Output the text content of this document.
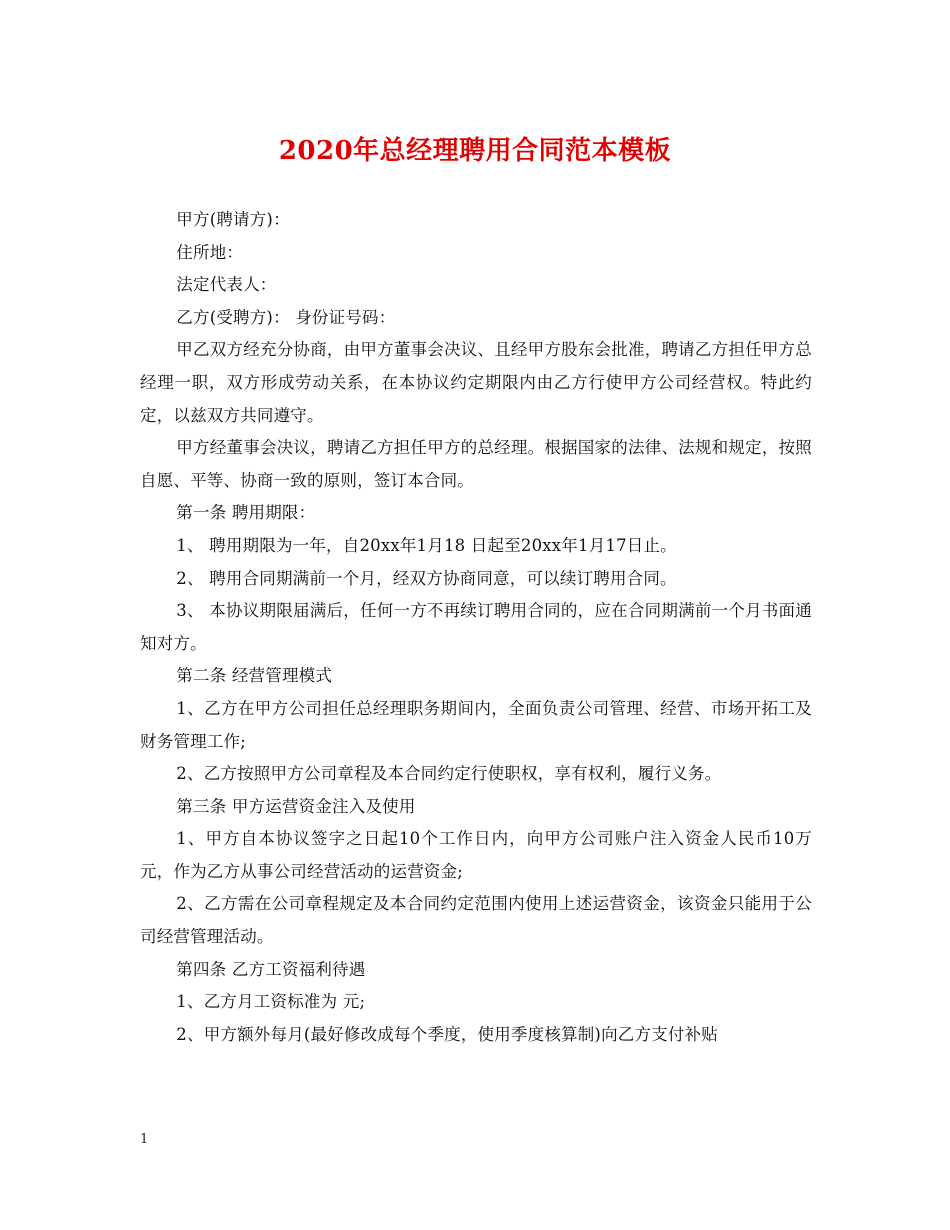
2020年总经理聘用合同范本模板

甲方(聘请方)：

住所地：

法定代表人：

乙方(受聘方)： 身份证号码：

甲乙双方经充分协商，由甲方董事会决议、且经甲方股东会批准，聘请乙方担任甲方总经理一职，双方形成劳动关系，在本协议约定期限内由乙方行使甲方公司经营权。特此约定，以兹双方共同遵守。

甲方经董事会决议，聘请乙方担任甲方的总经理。根据国家的法律、法规和规定，按照自愿、平等、协商一致的原则，签订本合同。

第一条 聘用期限：

1、 聘用期限为一年，自20xx年1月18 日起至20xx年1月17日止。

2、 聘用合同期满前一个月，经双方协商同意，可以续订聘用合同。

3、 本协议期限届满后，任何一方不再续订聘用合同的，应在合同期满前一个月书面通知对方。

第二条 经营管理模式

1、乙方在甲方公司担任总经理职务期间内，全面负责公司管理、经营、市场开拓工及财务管理工作;

2、乙方按照甲方公司章程及本合同约定行使职权，享有权利，履行义务。

第三条 甲方运营资金注入及使用

1、甲方自本协议签字之日起10个工作日内，向甲方公司账户注入资金人民币10万元，作为乙方从事公司经营活动的运营资金;

2、乙方需在公司章程规定及本合同约定范围内使用上述运营资金，该资金只能用于公司经营管理活动。

第四条 乙方工资福利待遇

1、乙方月工资标准为 元;

2、甲方额外每月(最好修改成每个季度，使用季度核算制)向乙方支付补贴

1
